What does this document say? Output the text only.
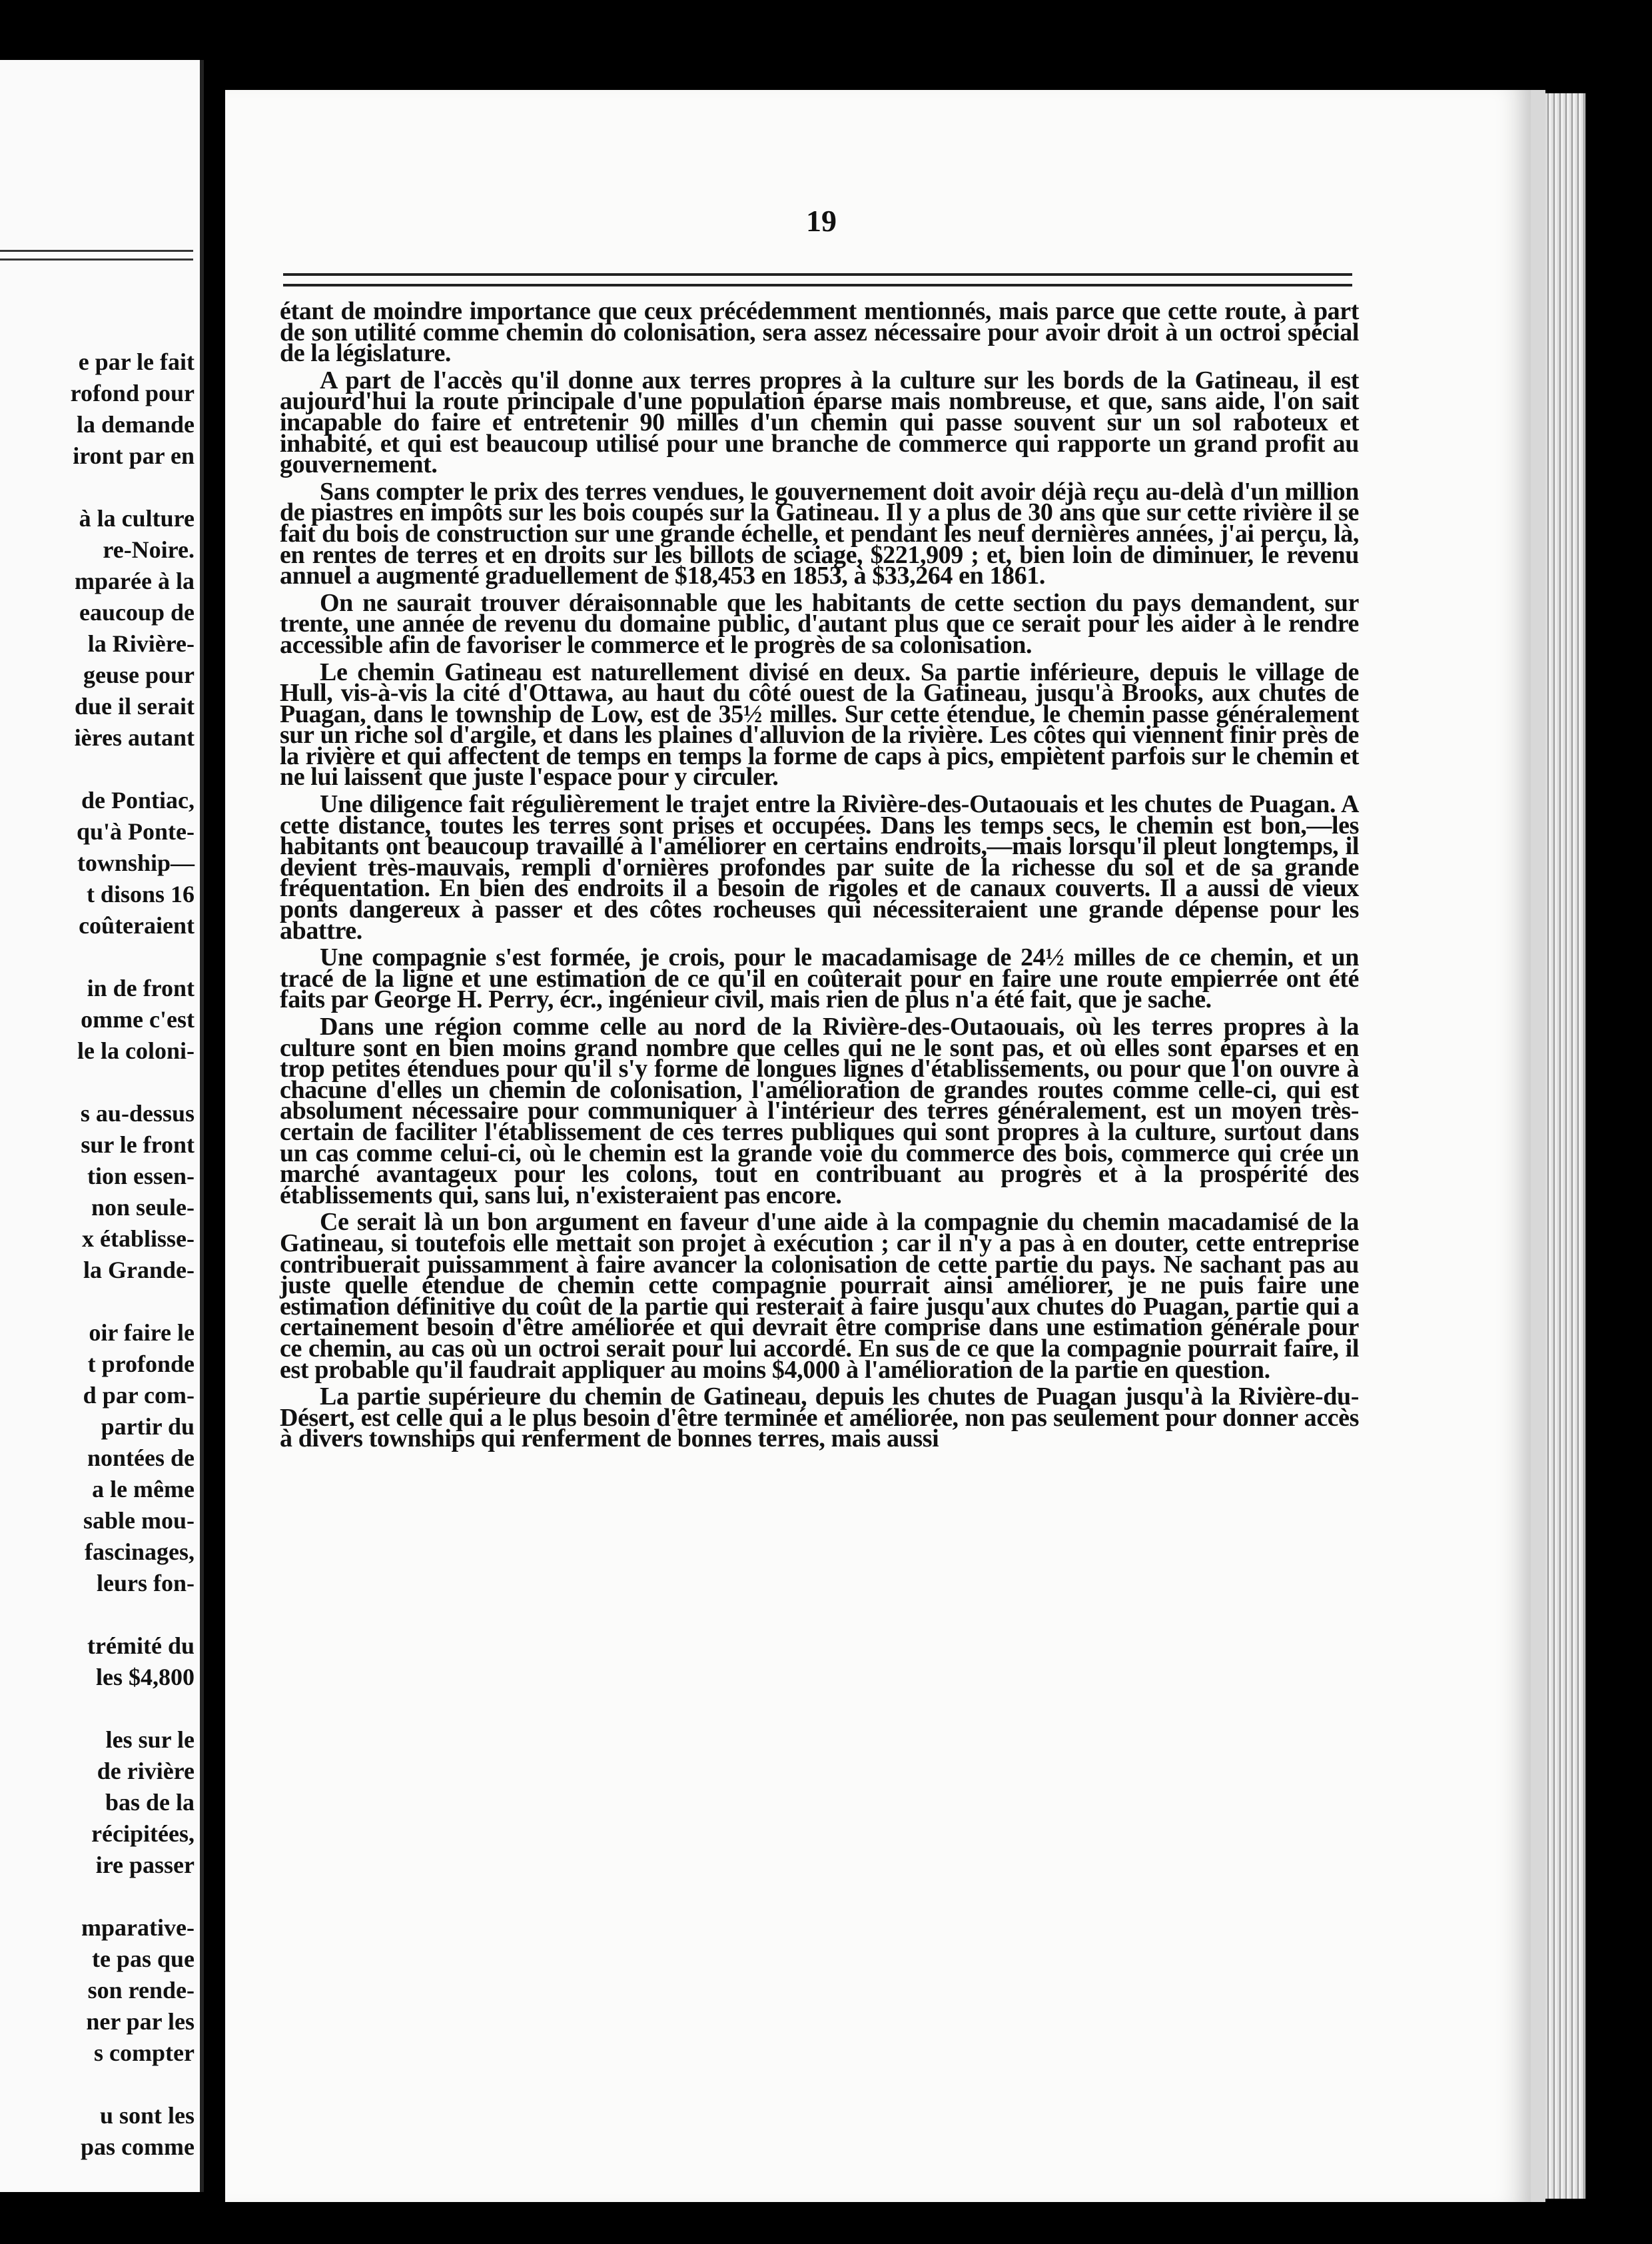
e par le fait
rofond pour
la demande
iront par en
à la culture
re-Noire.
mparée à la
eaucoup de
la Rivière-
geuse pour
due il serait
ières autant
de Pontiac,
qu'à Ponte-
township—
t disons 16
coûteraient
in de front
omme c'est
le la coloni-
s au-dessus
sur le front
tion essen-
non seule-
x établisse-
la Grande-
oir faire le
t profonde
d par com-
partir du
nontées de
a le même
sable mou-
fascinages,
leurs fon-
trémité du
les $4,800
les sur le
de rivière
bas de la
récipitées,
ire passer
mparative-
te pas que
son rende-
ner par les
s compter
u sont les
pas comme
19

étant de moindre importance que ceux précédemment mentionnés, mais parce que cette route, à part de son utilité comme chemin do colonisation, sera assez nécessaire pour avoir droit à un octroi spécial de la législature.

A part de l'accès qu'il donne aux terres propres à la culture sur les bords de la Gatineau, il est aujourd'hui la route principale d'une population éparse mais nombreuse, et que, sans aide, l'on sait incapable do faire et entretenir 90 milles d'un chemin qui passe souvent sur un sol raboteux et inhabité, et qui est beaucoup utilisé pour une branche de commerce qui rapporte un grand profit au gouvernement.

Sans compter le prix des terres vendues, le gouvernement doit avoir déjà reçu au-delà d'un million de piastres en impôts sur les bois coupés sur la Gatineau. Il y a plus de 30 ans que sur cette rivière il se fait du bois de construction sur une grande échelle, et pendant les neuf dernières années, j'ai perçu, là, en rentes de terres et en droits sur les billots de sciage, $221,909 ; et, bien loin de diminuer, le revenu annuel a augmenté graduellement de $18,453 en 1853, à $33,264 en 1861.

On ne saurait trouver déraisonnable que les habitants de cette section du pays demandent, sur trente, une année de revenu du domaine public, d'autant plus que ce serait pour les aider à le rendre accessible afin de favoriser le commerce et le progrès de sa colonisation.

Le chemin Gatineau est naturellement divisé en deux. Sa partie inférieure, depuis le village de Hull, vis-à-vis la cité d'Ottawa, au haut du côté ouest de la Gatineau, jusqu'à Brooks, aux chutes de Puagan, dans le township de Low, est de 35½ milles. Sur cette étendue, le chemin passe généralement sur un riche sol d'argile, et dans les plaines d'alluvion de la rivière. Les côtes qui viennent finir près de la rivière et qui affectent de temps en temps la forme de caps à pics, empiètent parfois sur le chemin et ne lui laissent que juste l'espace pour y circuler.

Une diligence fait régulièrement le trajet entre la Rivière-des-Outaouais et les chutes de Puagan. A cette distance, toutes les terres sont prises et occupées. Dans les temps secs, le chemin est bon,—les habitants ont beaucoup travaillé à l'améliorer en certains endroits,—mais lorsqu'il pleut longtemps, il devient très-mauvais, rempli d'ornières profondes par suite de la richesse du sol et de sa grande fréquentation. En bien des endroits il a besoin de rigoles et de canaux couverts. Il a aussi de vieux ponts dangereux à passer et des côtes rocheuses qui nécessiteraient une grande dépense pour les abattre.

Une compagnie s'est formée, je crois, pour le macadamisage de 24½ milles de ce chemin, et un tracé de la ligne et une estimation de ce qu'il en coûterait pour en faire une route empierrée ont été faits par George H. Perry, écr., ingénieur civil, mais rien de plus n'a été fait, que je sache.

Dans une région comme celle au nord de la Rivière-des-Outaouais, où les terres propres à la culture sont en bien moins grand nombre que celles qui ne le sont pas, et où elles sont éparses et en trop petites étendues pour qu'il s'y forme de longues lignes d'établissements, ou pour que l'on ouvre à chacune d'elles un chemin de colonisation, l'amélioration de grandes routes comme celle-ci, qui est absolument nécessaire pour communiquer à l'intérieur des terres généralement, est un moyen très-certain de faciliter l'établissement de ces terres publiques qui sont propres à la culture, surtout dans un cas comme celui-ci, où le chemin est la grande voie du commerce des bois, commerce qui crée un marché avantageux pour les colons, tout en contribuant au progrès et à la prospérité des établissements qui, sans lui, n'existeraient pas encore.

Ce serait là un bon argument en faveur d'une aide à la compagnie du chemin macadamisé de la Gatineau, si toutefois elle mettait son projet à exécution ; car il n'y a pas à en douter, cette entreprise contribuerait puissamment à faire avancer la colonisation de cette partie du pays. Ne sachant pas au juste quelle étendue de chemin cette compagnie pourrait ainsi améliorer, je ne puis faire une estimation définitive du coût de la partie qui resterait à faire jusqu'aux chutes do Puagan, partie qui a certainement besoin d'être améliorée et qui devrait être comprise dans une estimation générale pour ce chemin, au cas où un octroi serait pour lui accordé. En sus de ce que la compagnie pourrait faire, il est probable qu'il faudrait appliquer au moins $4,000 à l'amélioration de la partie en question.

La partie supérieure du chemin de Gatineau, depuis les chutes de Puagan jusqu'à la Rivière-du-Désert, est celle qui a le plus besoin d'être terminée et améliorée, non pas seulement pour donner accès à divers townships qui renferment de bonnes terres, mais aussi
